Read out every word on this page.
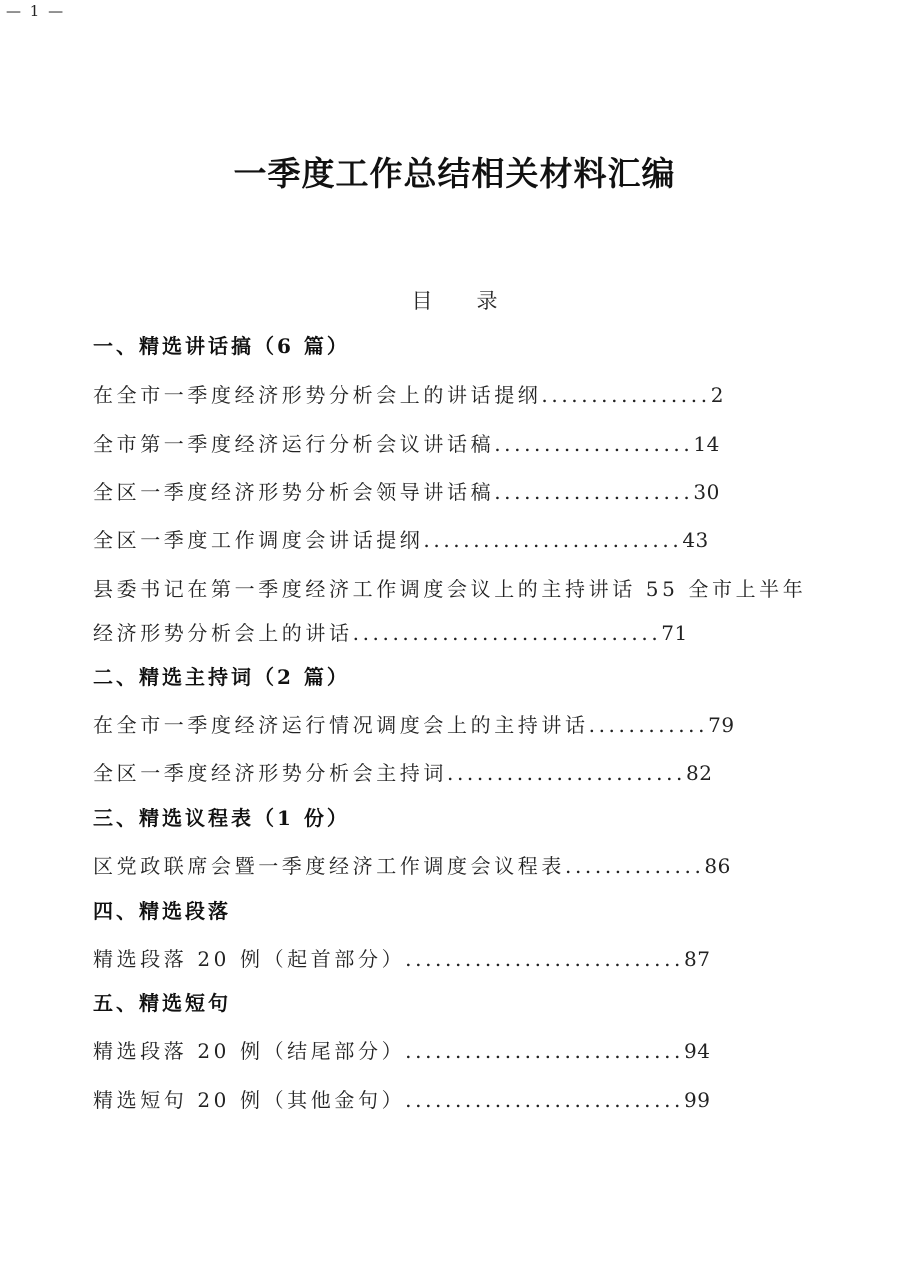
— 1 —
一季度工作总结相关材料汇编
目录
一、精选讲话搞（6 篇）
在全市一季度经济形势分析会上的讲话提纲.................2
全市第一季度经济运行分析会议讲话稿....................14
全区一季度经济形势分析会领导讲话稿....................30
全区一季度工作调度会讲话提纲..........................43
县委书记在第一季度经济工作调度会议上的主持讲话 55 全市上半年
经济形势分析会上的讲话...............................71
二、精选主持词（2 篇）
在全市一季度经济运行情况调度会上的主持讲话............79
全区一季度经济形势分析会主持词........................82
三、精选议程表（1 份）
区党政联席会暨一季度经济工作调度会议程表..............86
四、精选段落
精选段落 20 例（起首部分）............................87
五、精选短句
精选段落 20 例（结尾部分）............................94
精选短句 20 例（其他金句）............................99
